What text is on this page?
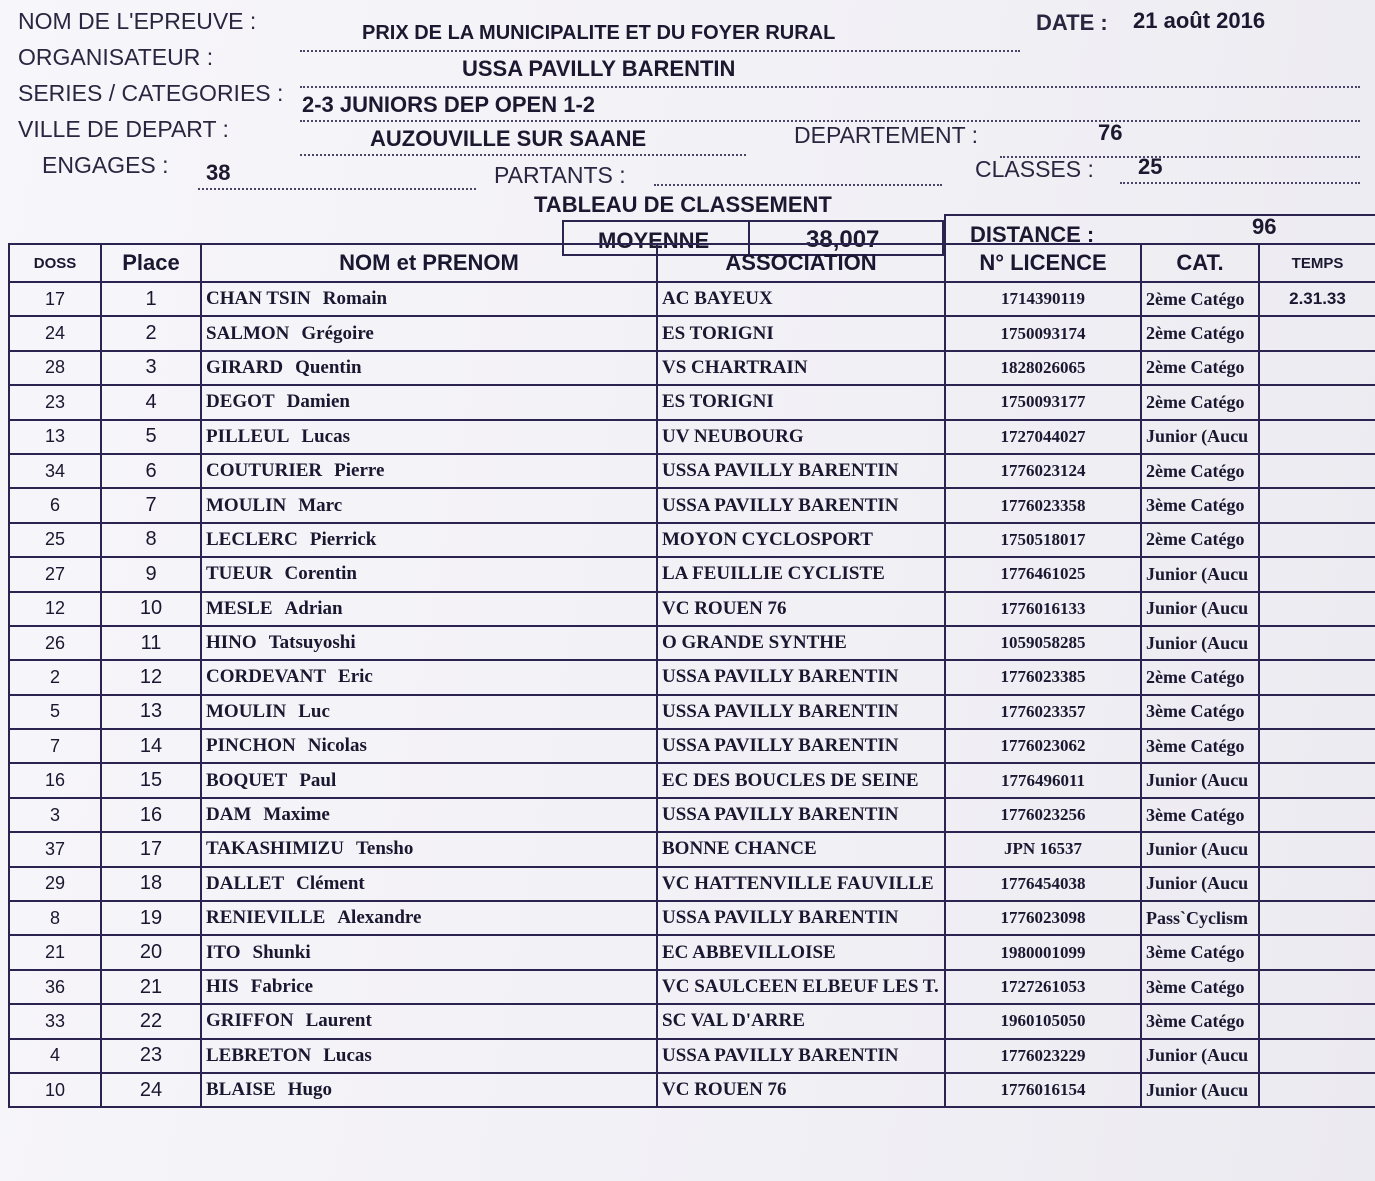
NOM DE L'EPREUVE :	PRIX DE LA MUNICIPALITE ET DU FOYER RURAL	DATE : 21 août 2016
ORGANISATEUR :	USSA PAVILLY BARENTIN
SERIES / CATEGORIES : 2-3 JUNIORS DEP OPEN 1-2
VILLE DE DEPART :	AUZOUVILLE SUR SAANE	DEPARTEMENT :	76
ENGAGES : 38	PARTANTS :	CLASSES : 25
TABLEAU DE CLASSEMENT
MOYENNE	38,007	DISTANCE :	96
DOSS	Place	NOM et PRENOM	ASSOCIATION	N° LICENCE	CAT.	TEMPS
17	1	CHAN TSIN Romain	AC BAYEUX	1714390119	2ème Catégo	2.31.33
24	2	SALMON Grégoire	ES TORIGNI	1750093174	2ème Catégo	
28	3	GIRARD Quentin	VS CHARTRAIN	1828026065	2ème Catégo	
23	4	DEGOT Damien	ES TORIGNI	1750093177	2ème Catégo	
13	5	PILLEUL Lucas	UV NEUBOURG	1727044027	Junior (Aucu	
34	6	COUTURIER Pierre	USSA PAVILLY BARENTIN	1776023124	2ème Catégo	
6	7	MOULIN Marc	USSA PAVILLY BARENTIN	1776023358	3ème Catégo	
25	8	LECLERC Pierrick	MOYON CYCLOSPORT	1750518017	2ème Catégo	
27	9	TUEUR Corentin	LA FEUILLIE CYCLISTE	1776461025	Junior (Aucu	
12	10	MESLE Adrian	VC ROUEN 76	1776016133	Junior (Aucu	
26	11	HINO Tatsuyoshi	O GRANDE SYNTHE	1059058285	Junior (Aucu	
2	12	CORDEVANT Eric	USSA PAVILLY BARENTIN	1776023385	2ème Catégo	
5	13	MOULIN Luc	USSA PAVILLY BARENTIN	1776023357	3ème Catégo	
7	14	PINCHON Nicolas	USSA PAVILLY BARENTIN	1776023062	3ème Catégo	
16	15	BOQUET Paul	EC DES BOUCLES DE SEINE	1776496011	Junior (Aucu	
3	16	DAM Maxime	USSA PAVILLY BARENTIN	1776023256	3ème Catégo	
37	17	TAKASHIMIZU Tensho	BONNE CHANCE	JPN 16537	Junior (Aucu	
29	18	DALLET Clément	VC HATTENVILLE FAUVILLE	1776454038	Junior (Aucu	
8	19	RENIEVILLE Alexandre	USSA PAVILLY BARENTIN	1776023098	Pass`Cyclism	
21	20	ITO Shunki	EC ABBEVILLOISE	1980001099	3ème Catégo	
36	21	HIS Fabrice	VC SAULCEEN ELBEUF LES T.	1727261053	3ème Catégo	
33	22	GRIFFON Laurent	SC VAL D'ARRE	1960105050	3ème Catégo	
4	23	LEBRETON Lucas	USSA PAVILLY BARENTIN	1776023229	Junior (Aucu	
10	24	BLAISE Hugo	VC ROUEN 76	1776016154	Junior (Aucu	
